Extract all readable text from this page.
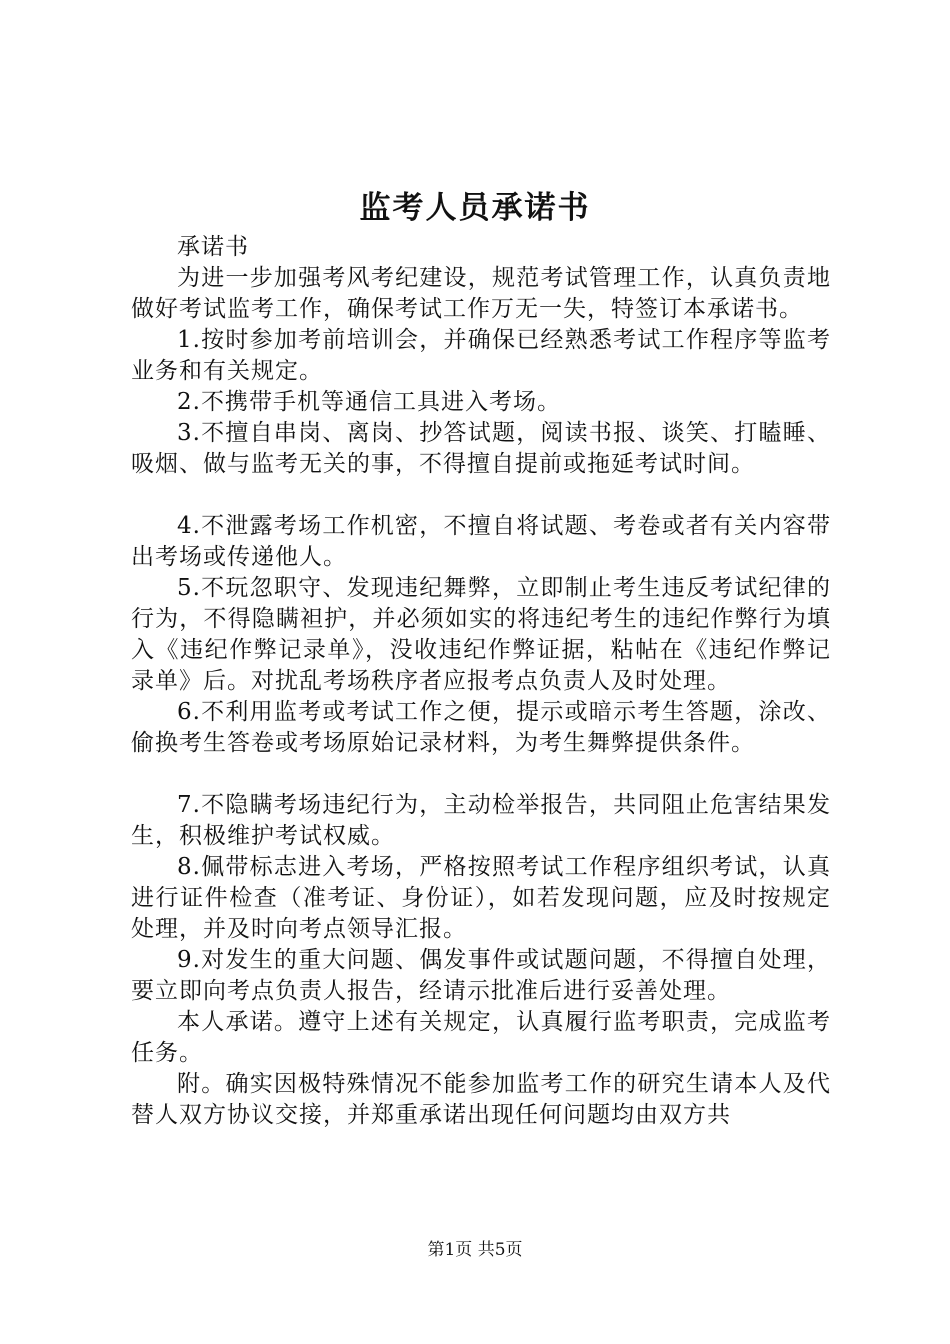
监考人员承诺书

承诺书

为进一步加强考风考纪建设，规范考试管理工作，认真负责地做好考试监考工作，确保考试工作万无一失，特签订本承诺书。

1.按时参加考前培训会，并确保已经熟悉考试工作程序等监考业务和有关规定。

2.不携带手机等通信工具进入考场。

3.不擅自串岗、离岗、抄答试题，阅读书报、谈笑、打瞌睡、吸烟、做与监考无关的事，不得擅自提前或拖延考试时间。

4.不泄露考场工作机密，不擅自将试题、考卷或者有关内容带出考场或传递他人。

5.不玩忽职守、发现违纪舞弊，立即制止考生违反考试纪律的行为，不得隐瞒袒护，并必须如实的将违纪考生的违纪作弊行为填入《违纪作弊记录单》，没收违纪作弊证据，粘帖在《违纪作弊记录单》后。对扰乱考场秩序者应报考点负责人及时处理。

6.不利用监考或考试工作之便，提示或暗示考生答题，涂改、偷换考生答卷或考场原始记录材料，为考生舞弊提供条件。

7.不隐瞒考场违纪行为，主动检举报告，共同阻止危害结果发生，积极维护考试权威。

8.佩带标志进入考场，严格按照考试工作程序组织考试，认真进行证件检查（准考证、身份证），如若发现问题，应及时按规定处理，并及时向考点领导汇报。

9.对发生的重大问题、偶发事件或试题问题，不得擅自处理，要立即向考点负责人报告，经请示批准后进行妥善处理。

本人承诺。遵守上述有关规定，认真履行监考职责，完成监考任务。

附。确实因极特殊情况不能参加监考工作的研究生请本人及代替人双方协议交接，并郑重承诺出现任何问题均由双方共

第1页 共5页
